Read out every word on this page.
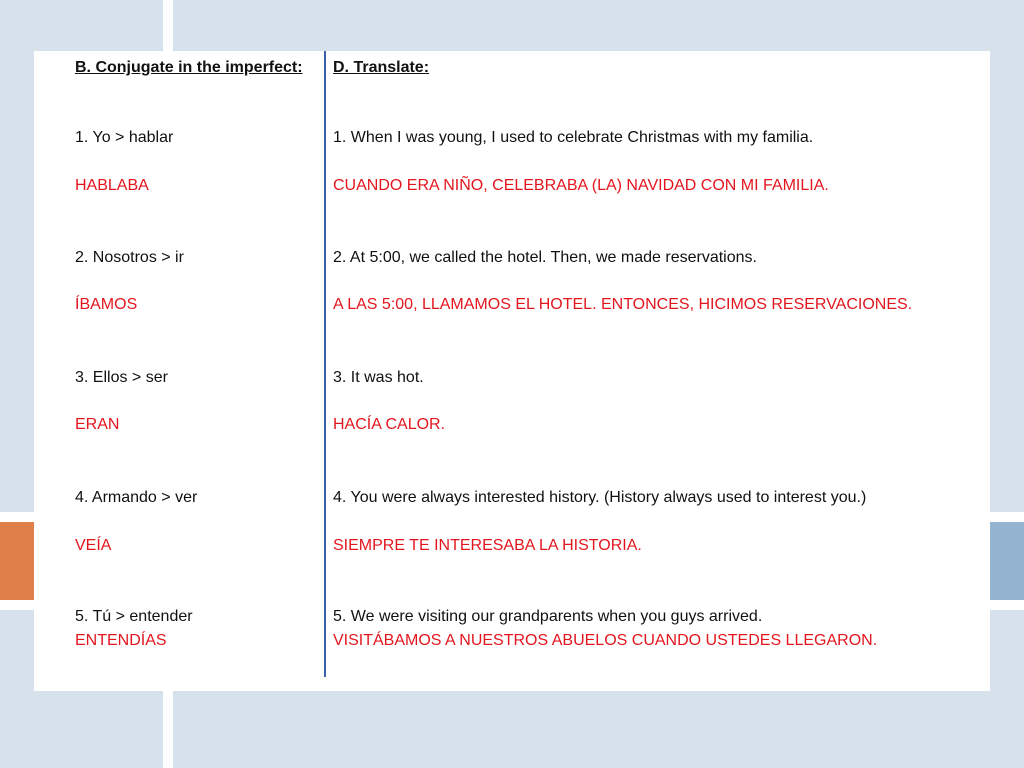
B. Conjugate in the imperfect: D. Translate:
1. Yo > hablar
HABLABA
1. When I was young, I used to celebrate Christmas with my familia.
CUANDO ERA NIÑO, CELEBRABA (LA) NAVIDAD CON MI FAMILIA.
2. Nosotros > ir
ÍBAMOS
2. At 5:00, we called the hotel. Then, we made reservations.
A LAS 5:00, LLAMAMOS EL HOTEL. ENTONCES, HICIMOS RESERVACIONES.
3. Ellos > ser
ERAN
3. It was hot.
HACÍA CALOR.
4. Armando > ver
VEÍA
4. You were always interested history. (History always used to interest you.)
SIEMPRE TE INTERESABA LA HISTORIA.
5. Tú > entender
ENTENDÍAS
5. We were visiting our grandparents when you guys arrived.
VISITÁBAMOS A NUESTROS ABUELOS CUANDO USTEDES LLEGARON.
